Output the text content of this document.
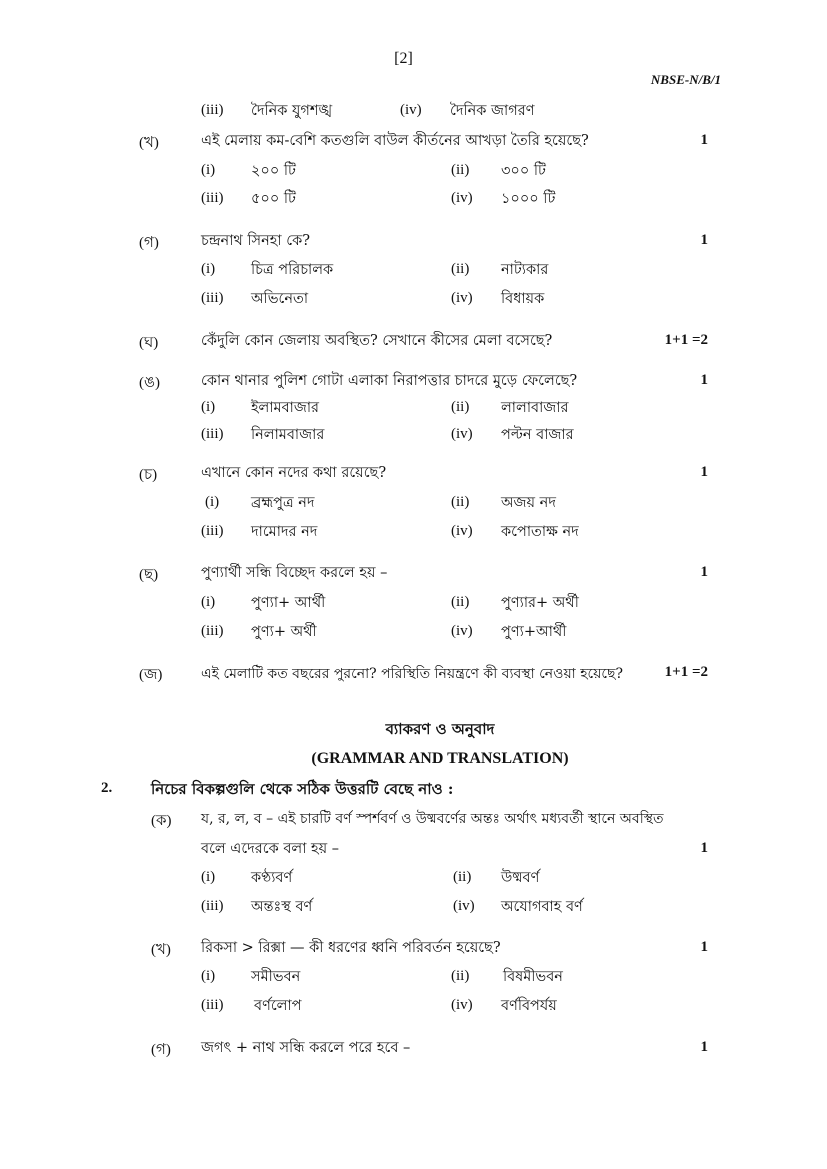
[2]
NBSE-N/B/1
(iii) দৈনিক যুগশঙ্খ	(iv) দৈনিক জাগরণ
(খ)	এই মেলায় কম-বেশি কতগুলি বাউল কীর্তনের আখড়া তৈরি হয়েছে?	1
(i) ২০০ টি	(ii) ৩০০ টি
(iii) ৫০০ টি	(iv) ১০০০ টি
(গ)	চন্দ্রনাথ সিনহা কে?	1
(i) চিত্র পরিচালক	(ii) নাট্যকার
(iii) অভিনেতা	(iv) বিধায়ক
(ঘ)	কেঁদুলি কোন জেলায় অবস্থিত? সেখানে কীসের মেলা বসেছে?	1+1 =2
(ঙ)	কোন থানার পুলিশ গোটা এলাকা নিরাপত্তার চাদরে মুড়ে ফেলেছে?	1
(i) ইলামবাজার	(ii) লালাবাজার
(iii) নিলামবাজার	(iv) পল্টন বাজার
(চ)	এখানে কোন নদের কথা রয়েছে?	1
(i) ব্রহ্মপুত্র নদ	(ii) অজয় নদ
(iii) দামোদর নদ	(iv) কপোতাক্ষ নদ
(ছ)	পুণ্যার্থী সন্ধি বিচ্ছেদ করলে হয় –	1
(i) পুণ্যা+ আর্থী	(ii) পুণ্যার+ অর্থী
(iii) পুণ্য+ অর্থী	(iv) পুণ্য+আর্থী
(জ)	এই মেলাটি কত বছরের পুরনো? পরিস্থিতি নিয়ন্ত্রণে কী ব্যবস্থা নেওয়া হয়েছে?	1+1 =2
ব্যাকরণ ও অনুবাদ
(GRAMMAR AND TRANSLATION)
2.	নিচের বিকল্পগুলি থেকে সঠিক উত্তরটি বেছে নাও :
(ক) য, র, ল, ব – এই চারটি বর্ণ স্পর্শবর্ণ ও উষ্মবর্ণের অন্তঃ অর্থাৎ মধ্যবর্তী স্থানে অবস্থিত
বলে এদেরকে বলা হয় –	1
(i) কণ্ঠ্যবর্ণ	(ii) উষ্মবর্ণ
(iii) অন্তঃস্থ বর্ণ	(iv) অযোগবাহ বর্ণ
(খ) রিকসা > রিক্সা — কী ধরণের ধ্বনি পরিবর্তন হয়েছে?	1
(i) সমীভবন	(ii) বিষমীভবন
(iii) বর্ণলোপ	(iv) বর্ণবিপর্যয়
(গ) জগৎ + নাথ সন্ধি করলে পরে হবে –	1
